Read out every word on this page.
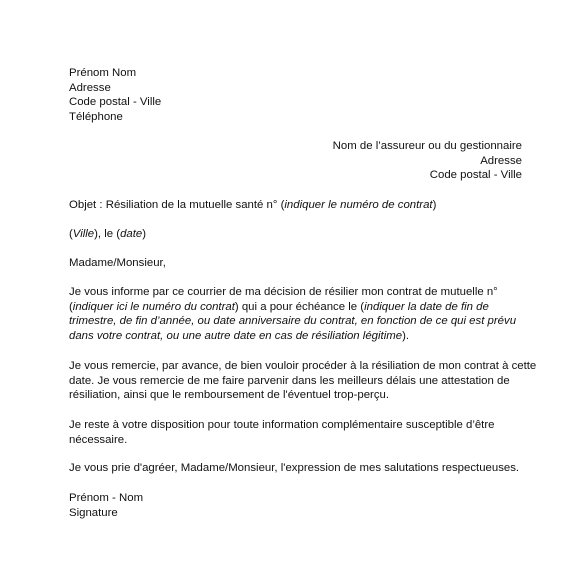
Prénom Nom
Adresse
Code postal - Ville
Téléphone
Nom de l’assureur ou du gestionnaire
Adresse
Code postal - Ville
Objet : Résiliation de la mutuelle santé n° (indiquer le numéro de contrat)
(Ville), le (date)
Madame/Monsieur,
Je vous informe par ce courrier de ma décision de résilier mon contrat de mutuelle n°
(indiquer ici le numéro du contrat) qui a pour échéance le (indiquer la date de fin de
trimestre, de fin d’année, ou date anniversaire du contrat, en fonction de ce qui est prévu
dans votre contrat, ou une autre date en cas de résiliation légitime).
Je vous remercie, par avance, de bien vouloir procéder à la résiliation de mon contrat à cette
date. Je vous remercie de me faire parvenir dans les meilleurs délais une attestation de
résiliation, ainsi que le remboursement de l'éventuel trop-perçu.
Je reste à votre disposition pour toute information complémentaire susceptible d’être
nécessaire.
Je vous prie d'agréer, Madame/Monsieur, l'expression de mes salutations respectueuses.
Prénom - Nom
Signature
